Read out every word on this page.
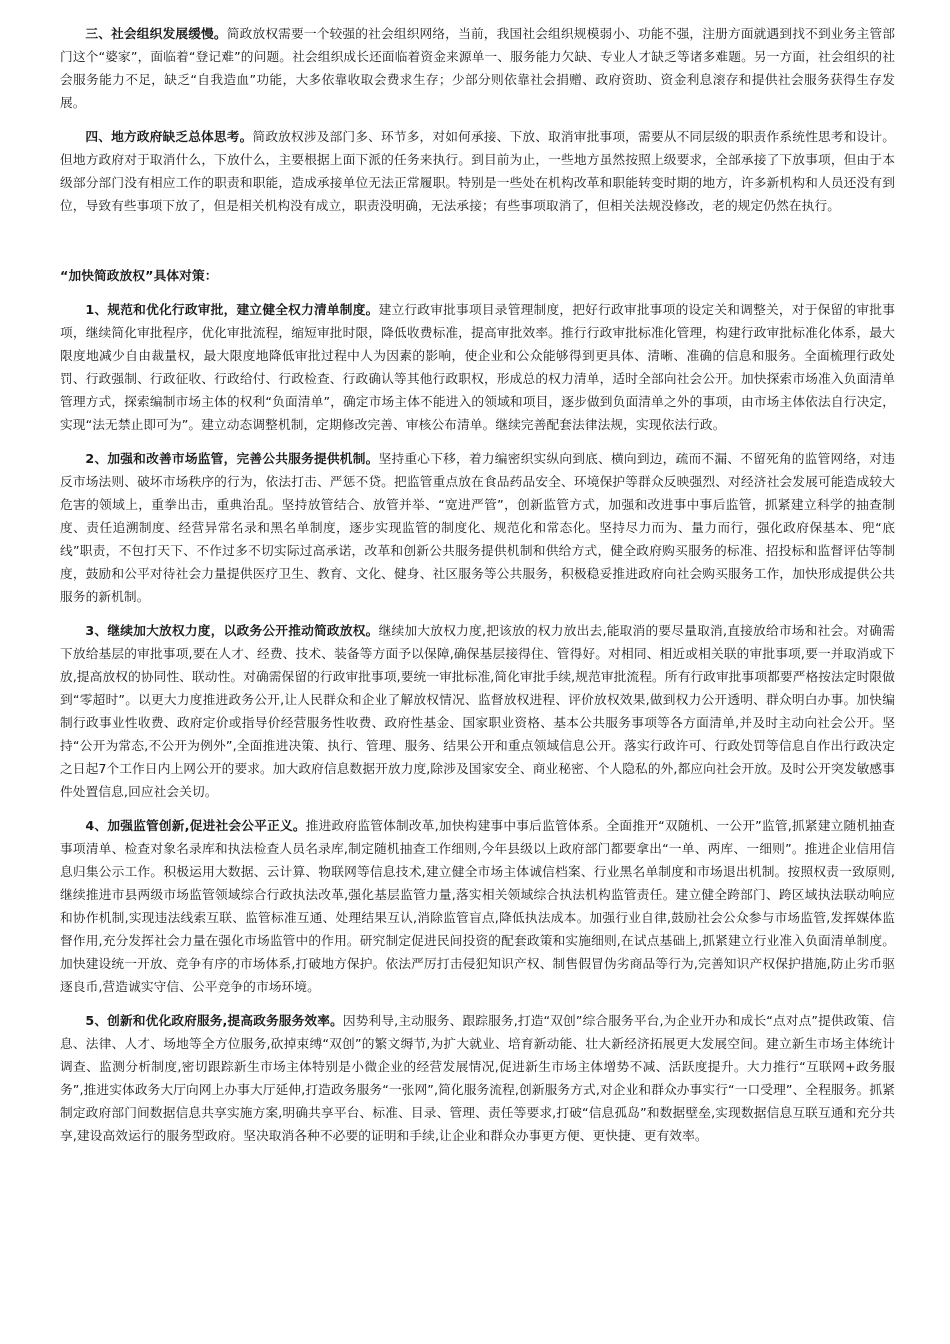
三、社会组织发展缓慢。简政放权需要一个较强的社会组织网络，当前，我国社会组织规模弱小、功能不强，注册方面就遇到找不到业务主管部门这个“婆家”，面临着“登记难”的问题。社会组织成长还面临着资金来源单一、服务能力欠缺、专业人才缺乏等诸多难题。另一方面，社会组织的社会服务能力不足，缺乏“自我造血”功能，大多依靠收取会费求生存；少部分则依靠社会捐赠、政府资助、资金利息滚存和提供社会服务获得生存发展。

四、地方政府缺乏总体思考。简政放权涉及部门多、环节多，对如何承接、下放、取消审批事项，需要从不同层级的职责作系统性思考和设计。但地方政府对于取消什么，下放什么，主要根据上面下派的任务来执行。到目前为止，一些地方虽然按照上级要求，全部承接了下放事项，但由于本级部分部门没有相应工作的职责和职能，造成承接单位无法正常履职。特别是一些处在机构改革和职能转变时期的地方，许多新机构和人员还没有到位，导致有些事项下放了，但是相关机构没有成立，职责没明确，无法承接；有些事项取消了，但相关法规没修改，老的规定仍然在执行。

“加快简政放权”具体对策：

1、规范和优化行政审批，建立健全权力清单制度。建立行政审批事项目录管理制度，把好行政审批事项的设定关和调整关，对于保留的审批事项，继续简化审批程序，优化审批流程，缩短审批时限，降低收费标准，提高审批效率。推行行政审批标准化管理，构建行政审批标准化体系，最大限度地减少自由裁量权，最大限度地降低审批过程中人为因素的影响，使企业和公众能够得到更具体、清晰、准确的信息和服务。全面梳理行政处罚、行政强制、行政征收、行政给付、行政检查、行政确认等其他行政职权，形成总的权力清单，适时全部向社会公开。加快探索市场准入负面清单管理方式，探索编制市场主体的权利“负面清单”，确定市场主体不能进入的领域和项目，逐步做到负面清单之外的事项，由市场主体依法自行决定，实现“法无禁止即可为”。建立动态调整机制，定期修改完善、审核公布清单。继续完善配套法律法规，实现依法行政。

2、加强和改善市场监管，完善公共服务提供机制。坚持重心下移，着力编密织实纵向到底、横向到边，疏而不漏、不留死角的监管网络，对违反市场法则、破坏市场秩序的行为，依法打击、严惩不贷。把监管重点放在食品药品安全、环境保护等群众反映强烈、对经济社会发展可能造成较大危害的领域上，重拳出击，重典治乱。坚持放管结合、放管并举、“宽进严管”，创新监管方式，加强和改进事中事后监管，抓紧建立科学的抽查制度、责任追溯制度、经营异常名录和黑名单制度，逐步实现监管的制度化、规范化和常态化。坚持尽力而为、量力而行，强化政府保基本、兜“底线”职责，不包打天下、不作过多不切实际过高承诺，改革和创新公共服务提供机制和供给方式，健全政府购买服务的标准、招投标和监督评估等制度，鼓励和公平对待社会力量提供医疗卫生、教育、文化、健身、社区服务等公共服务，积极稳妥推进政府向社会购买服务工作，加快形成提供公共服务的新机制。

3、继续加大放权力度，以政务公开推动简政放权。继续加大放权力度,把该放的权力放出去,能取消的要尽量取消,直接放给市场和社会。对确需下放给基层的审批事项,要在人才、经费、技术、装备等方面予以保障,确保基层接得住、管得好。对相同、相近或相关联的审批事项,要一并取消或下放,提高放权的协同性、联动性。对确需保留的行政审批事项,要统一审批标准,简化审批手续,规范审批流程。所有行政审批事项都要严格按法定时限做到“零超时”。以更大力度推进政务公开,让人民群众和企业了解放权情况、监督放权进程、评价放权效果,做到权力公开透明、群众明白办事。加快编制行政事业性收费、政府定价或指导价经营服务性收费、政府性基金、国家职业资格、基本公共服务事项等各方面清单,并及时主动向社会公开。坚持“公开为常态,不公开为例外”,全面推进决策、执行、管理、服务、结果公开和重点领域信息公开。落实行政许可、行政处罚等信息自作出行政决定之日起7个工作日内上网公开的要求。加大政府信息数据开放力度,除涉及国家安全、商业秘密、个人隐私的外,都应向社会开放。及时公开突发敏感事件处置信息,回应社会关切。

4、加强监管创新,促进社会公平正义。推进政府监管体制改革,加快构建事中事后监管体系。全面推开“双随机、一公开”监管,抓紧建立随机抽查事项清单、检查对象名录库和执法检查人员名录库,制定随机抽查工作细则,今年县级以上政府部门都要拿出“一单、两库、一细则”。推进企业信用信息归集公示工作。积极运用大数据、云计算、物联网等信息技术,建立健全市场主体诚信档案、行业黑名单制度和市场退出机制。按照权责一致原则,继续推进市县两级市场监管领域综合行政执法改革,强化基层监管力量,落实相关领域综合执法机构监管责任。建立健全跨部门、跨区域执法联动响应和协作机制,实现违法线索互联、监管标准互通、处理结果互认,消除监管盲点,降低执法成本。加强行业自律,鼓励社会公众参与市场监管,发挥媒体监督作用,充分发挥社会力量在强化市场监管中的作用。研究制定促进民间投资的配套政策和实施细则,在试点基础上,抓紧建立行业准入负面清单制度。加快建设统一开放、竞争有序的市场体系,打破地方保护。依法严厉打击侵犯知识产权、制售假冒伪劣商品等行为,完善知识产权保护措施,防止劣币驱逐良币,营造诚实守信、公平竞争的市场环境。

5、创新和优化政府服务,提高政务服务效率。因势利导,主动服务、跟踪服务,打造“双创”综合服务平台,为企业开办和成长“点对点”提供政策、信息、法律、人才、场地等全方位服务,砍掉束缚“双创”的繁文缛节,为扩大就业、培育新动能、壮大新经济拓展更大发展空间。建立新生市场主体统计调查、监测分析制度,密切跟踪新生市场主体特别是小微企业的经营发展情况,促进新生市场主体增势不减、活跃度提升。大力推行“互联网+政务服务”,推进实体政务大厅向网上办事大厅延伸,打造政务服务“一张网”,简化服务流程,创新服务方式,对企业和群众办事实行“一口受理”、全程服务。抓紧制定政府部门间数据信息共享实施方案,明确共享平台、标准、目录、管理、责任等要求,打破“信息孤岛”和数据壁垒,实现数据信息互联互通和充分共享,建设高效运行的服务型政府。坚决取消各种不必要的证明和手续,让企业和群众办事更方便、更快捷、更有效率。
